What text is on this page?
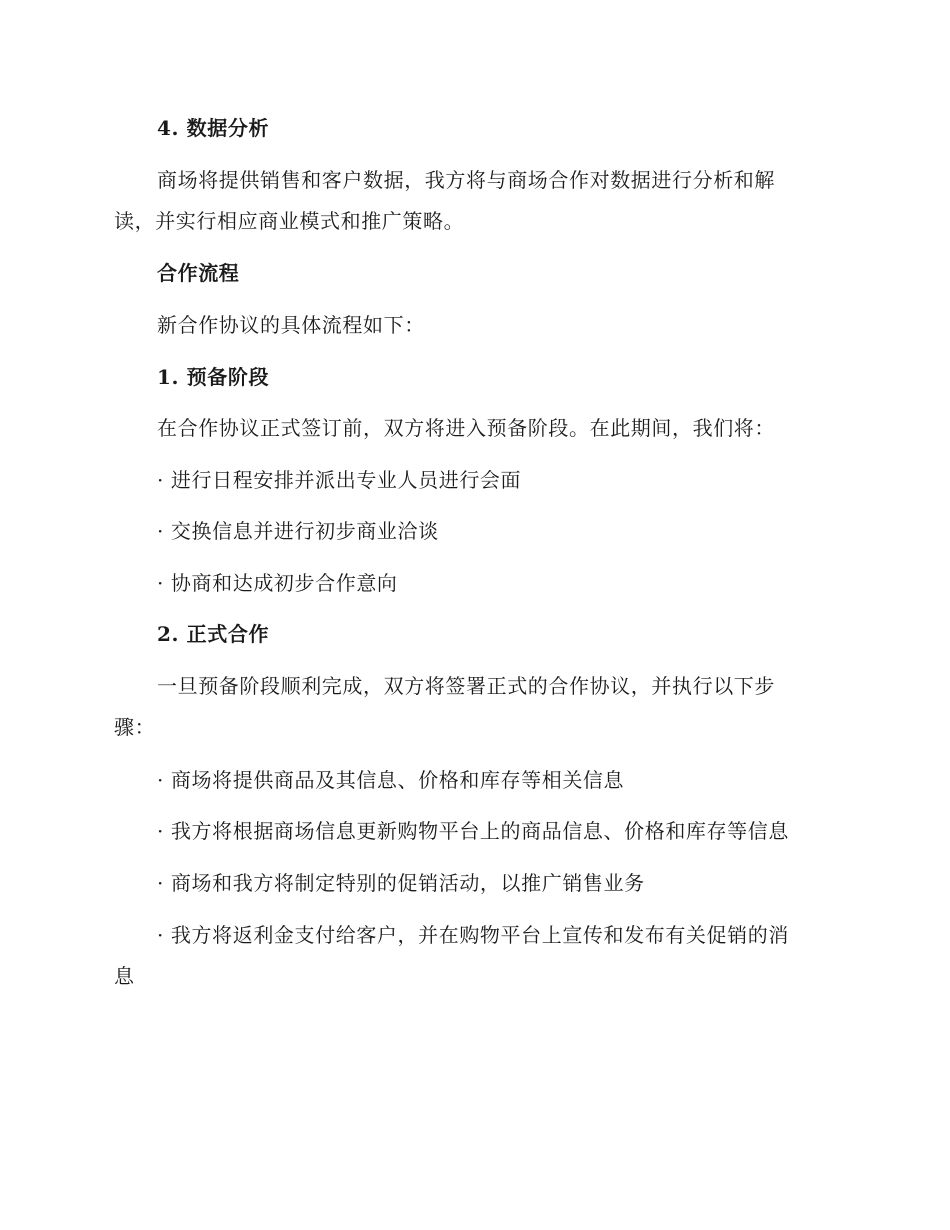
4. 数据分析
商场将提供销售和客户数据，我方将与商场合作对数据进行分析和解
读，并实行相应商业模式和推广策略。
合作流程
新合作协议的具体流程如下：
1. 预备阶段
在合作协议正式签订前，双方将进入预备阶段。在此期间，我们将：
· 进行日程安排并派出专业人员进行会面
· 交换信息并进行初步商业洽谈
· 协商和达成初步合作意向
2. 正式合作
一旦预备阶段顺利完成，双方将签署正式的合作协议，并执行以下步
骤：
· 商场将提供商品及其信息、价格和库存等相关信息
· 我方将根据商场信息更新购物平台上的商品信息、价格和库存等信息
· 商场和我方将制定特别的促销活动，以推广销售业务
· 我方将返利金支付给客户，并在购物平台上宣传和发布有关促销的消
息
